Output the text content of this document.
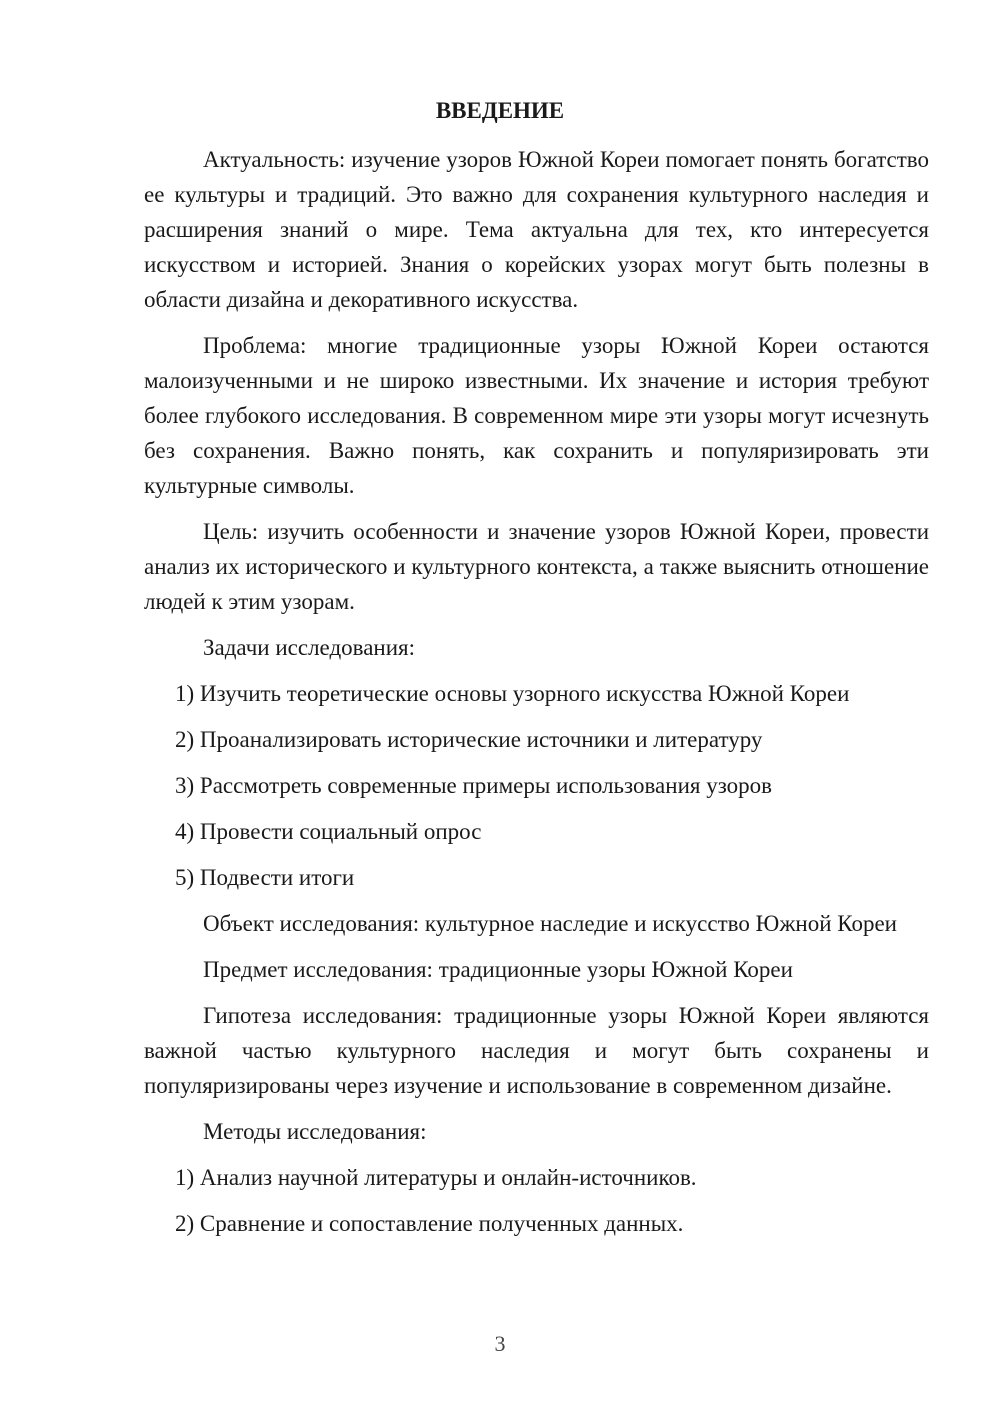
ВВЕДЕНИЕ

Актуальность: изучение узоров Южной Кореи помогает понять богатство ее культуры и традиций. Это важно для сохранения культурного наследия и расширения знаний о мире. Тема актуальна для тех, кто интересуется искусством и историей. Знания о корейских узорах могут быть полезны в области дизайна и декоративного искусства.

Проблема: многие традиционные узоры Южной Кореи остаются малоизученными и не широко известными. Их значение и история требуют более глубокого исследования. В современном мире эти узоры могут исчезнуть без сохранения. Важно понять, как сохранить и популяризировать эти культурные символы.

Цель: изучить особенности и значение узоров Южной Кореи, провести анализ их исторического и культурного контекста, а также выяснить отношение людей к этим узорам.

Задачи исследования:

1) Изучить теоретические основы узорного искусства Южной Кореи

2) Проанализировать исторические источники и литературу

3) Рассмотреть современные примеры использования узоров

4) Провести социальный опрос

5) Подвести итоги

Объект исследования: культурное наследие и искусство Южной Кореи

Предмет исследования: традиционные узоры Южной Кореи

Гипотеза исследования: традиционные узоры Южной Кореи являются важной частью культурного наследия и могут быть сохранены и популяризированы через изучение и использование в современном дизайне.

Методы исследования:

1) Анализ научной литературы и онлайн-источников.

2) Сравнение и сопоставление полученных данных.

3
